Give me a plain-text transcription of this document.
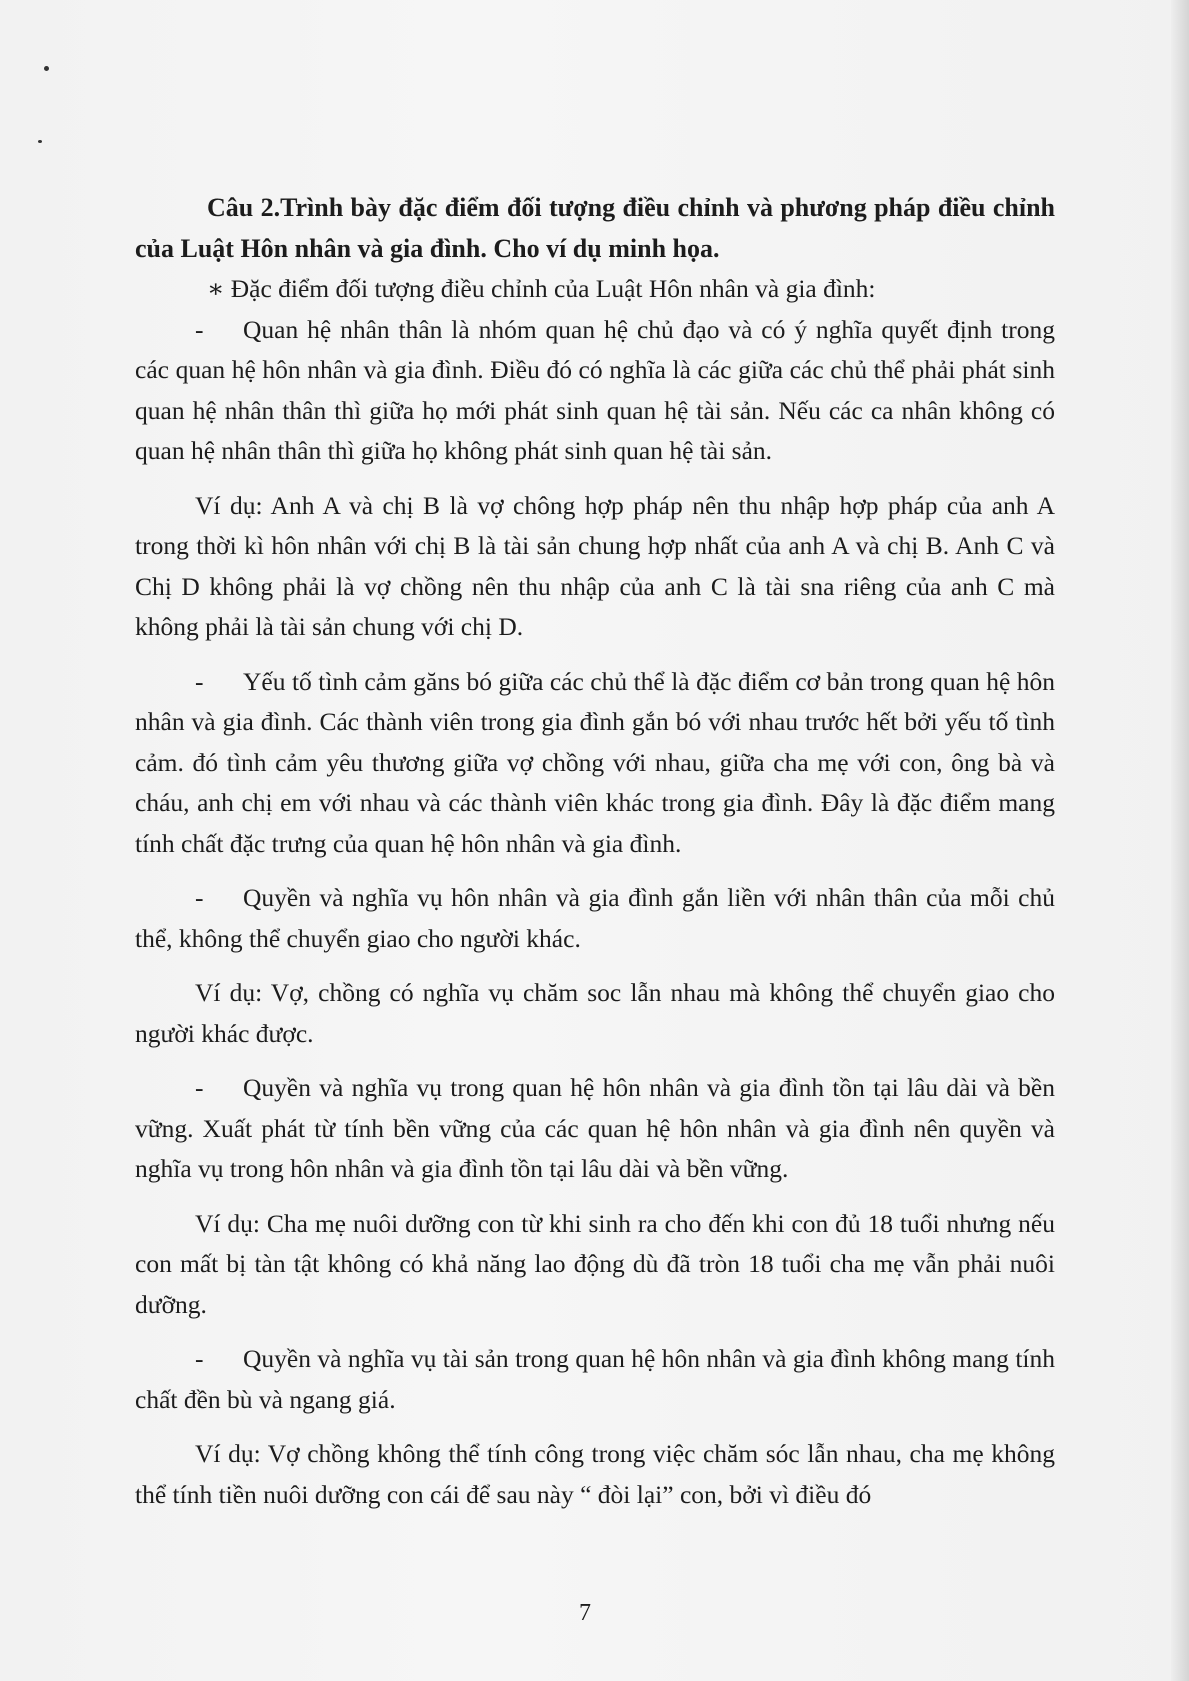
Câu 2.Trình bày đặc điểm đối tượng điều chỉnh và phương pháp điều chỉnh của Luật Hôn nhân và gia đình. Cho ví dụ minh họa.

∗ Đặc điểm đối tượng điều chỉnh của Luật Hôn nhân và gia đình:

- Quan hệ nhân thân là nhóm quan hệ chủ đạo và có ý nghĩa quyết định trong các quan hệ hôn nhân và gia đình. Điều đó có nghĩa là các giữa các chủ thể phải phát sinh quan hệ nhân thân thì giữa họ mới phát sinh quan hệ tài sản. Nếu các ca nhân không có quan hệ nhân thân thì giữa họ không phát sinh quan hệ tài sản.

Ví dụ: Anh A và chị B là vợ chông hợp pháp nên thu nhập hợp pháp của anh A trong thời kì hôn nhân với chị B là tài sản chung hợp nhất của anh A và chị B. Anh C và Chị D không phải là vợ chồng nên thu nhập của anh C là tài sna riêng của anh C mà không phải là tài sản chung với chị D.

- Yếu tố tình cảm găns bó giữa các chủ thể là đặc điểm cơ bản trong quan hệ hôn nhân và gia đình. Các thành viên trong gia đình gắn bó với nhau trước hết bởi yếu tố tình cảm. đó tình cảm yêu thương giữa vợ chồng với nhau, giữa cha mẹ với con, ông bà và cháu, anh chị em với nhau và các thành viên khác trong gia đình. Đây là đặc điểm mang tính chất đặc trưng của quan hệ hôn nhân và gia đình.

- Quyền và nghĩa vụ hôn nhân và gia đình gắn liền với nhân thân của mỗi chủ thể, không thể chuyển giao cho người khác.

Ví dụ: Vợ, chồng có nghĩa vụ chăm soc lẫn nhau mà không thể chuyển giao cho người khác được.

- Quyền và nghĩa vụ trong quan hệ hôn nhân và gia đình tồn tại lâu dài và bền vững. Xuất phát từ tính bền vững của các quan hệ hôn nhân và gia đình nên quyền và nghĩa vụ trong hôn nhân và gia đình tồn tại lâu dài và bền vững.

Ví dụ: Cha mẹ nuôi dưỡng con từ khi sinh ra cho đến khi con đủ 18 tuổi nhưng nếu con mất bị tàn tật không có khả năng lao động dù đã tròn 18 tuổi cha mẹ vẫn phải nuôi dưỡng.

- Quyền và nghĩa vụ tài sản trong quan hệ hôn nhân và gia đình không mang tính chất đền bù và ngang giá.

Ví dụ: Vợ chồng không thể tính công trong việc chăm sóc lẫn nhau, cha mẹ không thể tính tiền nuôi dưỡng con cái để sau này “ đòi lại” con, bởi vì điều đó

7
